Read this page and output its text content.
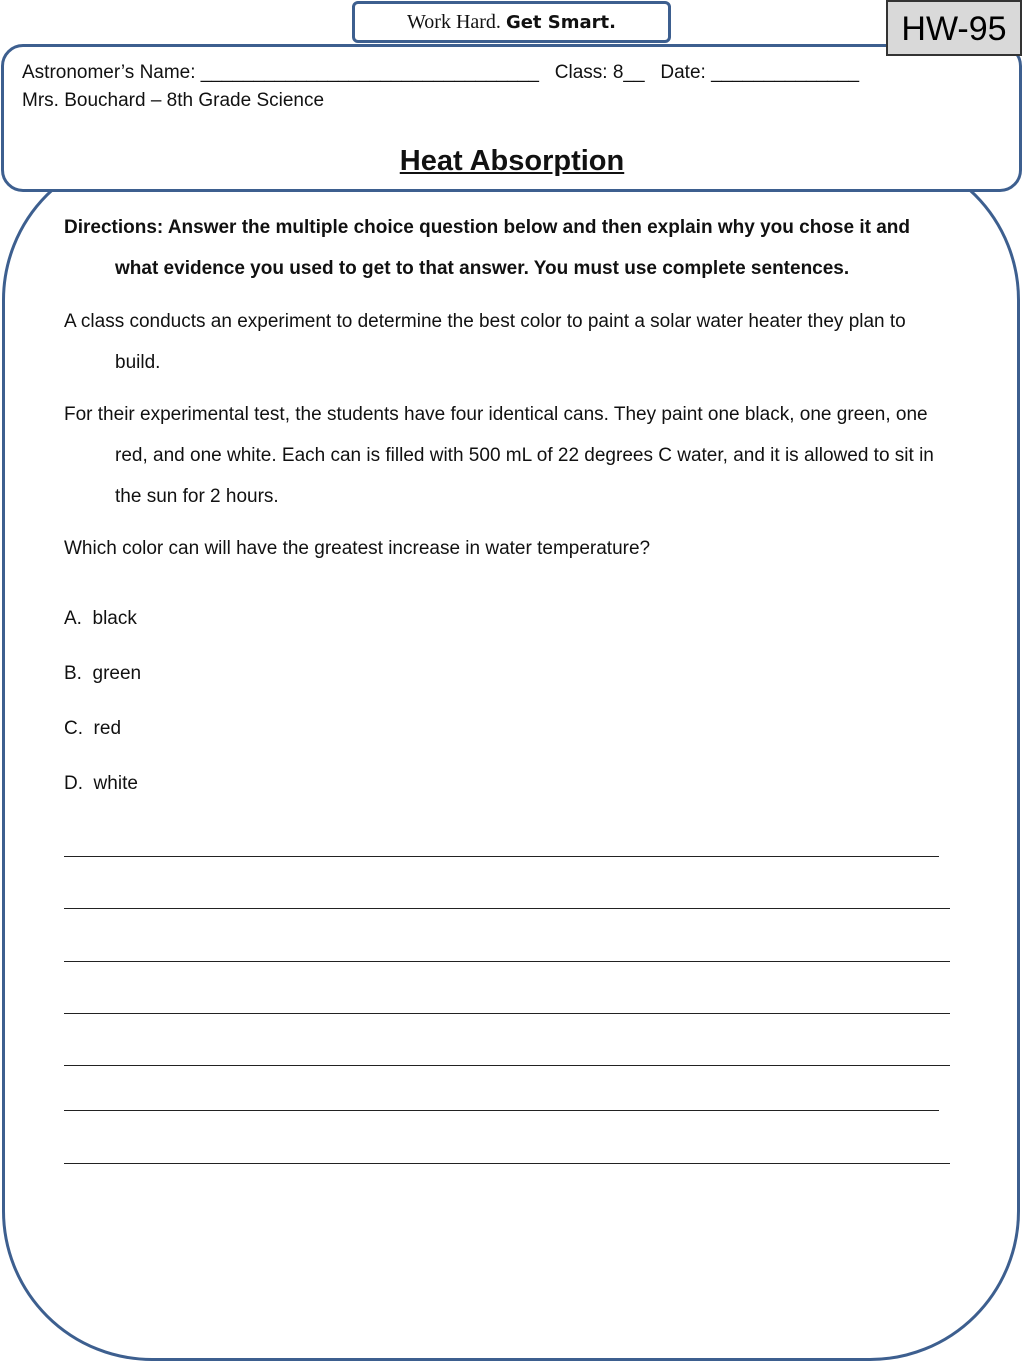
Work Hard. Get Smart.	HW-95
Astronomer’s Name: ________________________________   Class: 8__   Date: ______________
Mrs. Bouchard – 8th Grade Science
Heat Absorption
Directions: Answer the multiple choice question below and then explain why you chose it and what evidence you used to get to that answer. You must use complete sentences.
A class conducts an experiment to determine the best color to paint a solar water heater they plan to build.
For their experimental test, the students have four identical cans. They paint one black, one green, one red, and one white. Each can is filled with 500 mL of 22 degrees C water, and it is allowed to sit in the sun for 2 hours.
Which color can will have the greatest increase in water temperature?
A.  black
B.  green
C.  red
D.  white
